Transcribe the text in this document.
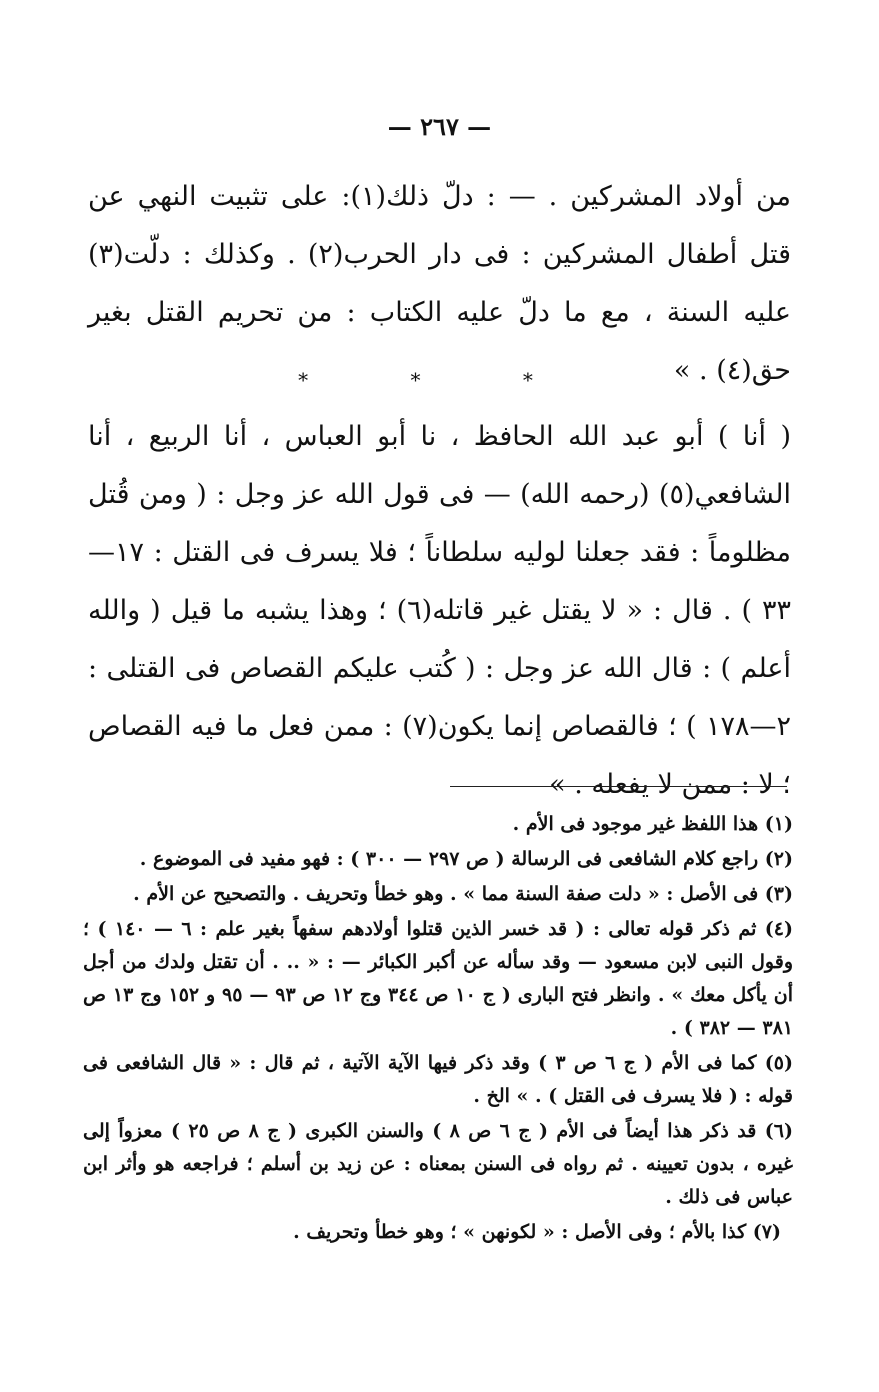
— ٢٦٧ —

من أولاد المشركين . — : دلّ ذلك(١): على تثبيت النهي عن قتل أطفال المشركين : فى دار الحرب(٢) . وكذلك : دلّت(٣) عليه السنة ، مع ما دلّ عليه الكتاب : من تحريم القتل بغير حق(٤) . »

* * *

( أنا ) أبو عبد الله الحافظ ، نا أبو العباس ، أنا الربيع ، أنا الشافعي(٥) (رحمه الله) — فى قول الله عز وجل : ( ومن قُتل مظلوماً : فقد جعلنا لوليه سلطاناً ؛ فلا يسرف فى القتل : ١٧—٣٣ ) . قال : « لا يقتل غير قاتله(٦) ؛ وهذا يشبه ما قيل ( والله أعلم ) : قال الله عز وجل : ( كُتب عليكم القصاص فى القتلى : ٢—١٧٨ ) ؛ فالقصاص إنما يكون(٧) : ممن فعل ما فيه القصاص ؛ لا : ممن لا يفعله . »

(١) هذا اللفظ غير موجود فى الأم .

(٢) راجع كلام الشافعى فى الرسالة ( ص ٢٩٧ — ٣٠٠ ) : فهو مفيد فى الموضوع .

(٣) فى الأصل : « دلت صفة السنة مما » . وهو خطأ وتحريف . والتصحيح عن الأم .

(٤) ثم ذكر قوله تعالى : ( قد خسر الذين قتلوا أولادهم سفهاً بغير علم : ٦ — ١٤٠ ) ؛ وقول النبى لابن مسعود — وقد سأله عن أكبر الكبائر — : « .. . أن تقتل ولدك من أجل أن يأكل معك » . وانظر فتح البارى ( ج ١٠ ص ٣٤٤ وج ١٢ ص ٩٣ — ٩٥ و ١٥٢ وج ١٣ ص ٣٨١ — ٣٨٢ ) .

(٥) كما فى الأم ( ج ٦ ص ٣ ) وقد ذكر فيها الآية الآتية ، ثم قال : « قال الشافعى فى قوله : ( فلا يسرف فى القتل ) . » الخ .

(٦) قد ذكر هذا أيضاً فى الأم ( ج ٦ ص ٨ ) والسنن الكبرى ( ج ٨ ص ٢٥ ) معزواً إلى غيره ، بدون تعيينه . ثم رواه فى السنن بمعناه : عن زيد بن أسلم ؛ فراجعه هو وأثر ابن عباس فى ذلك .

(٧) كذا بالأم ؛ وفى الأصل : « لكونهن » ؛ وهو خطأ وتحريف .
